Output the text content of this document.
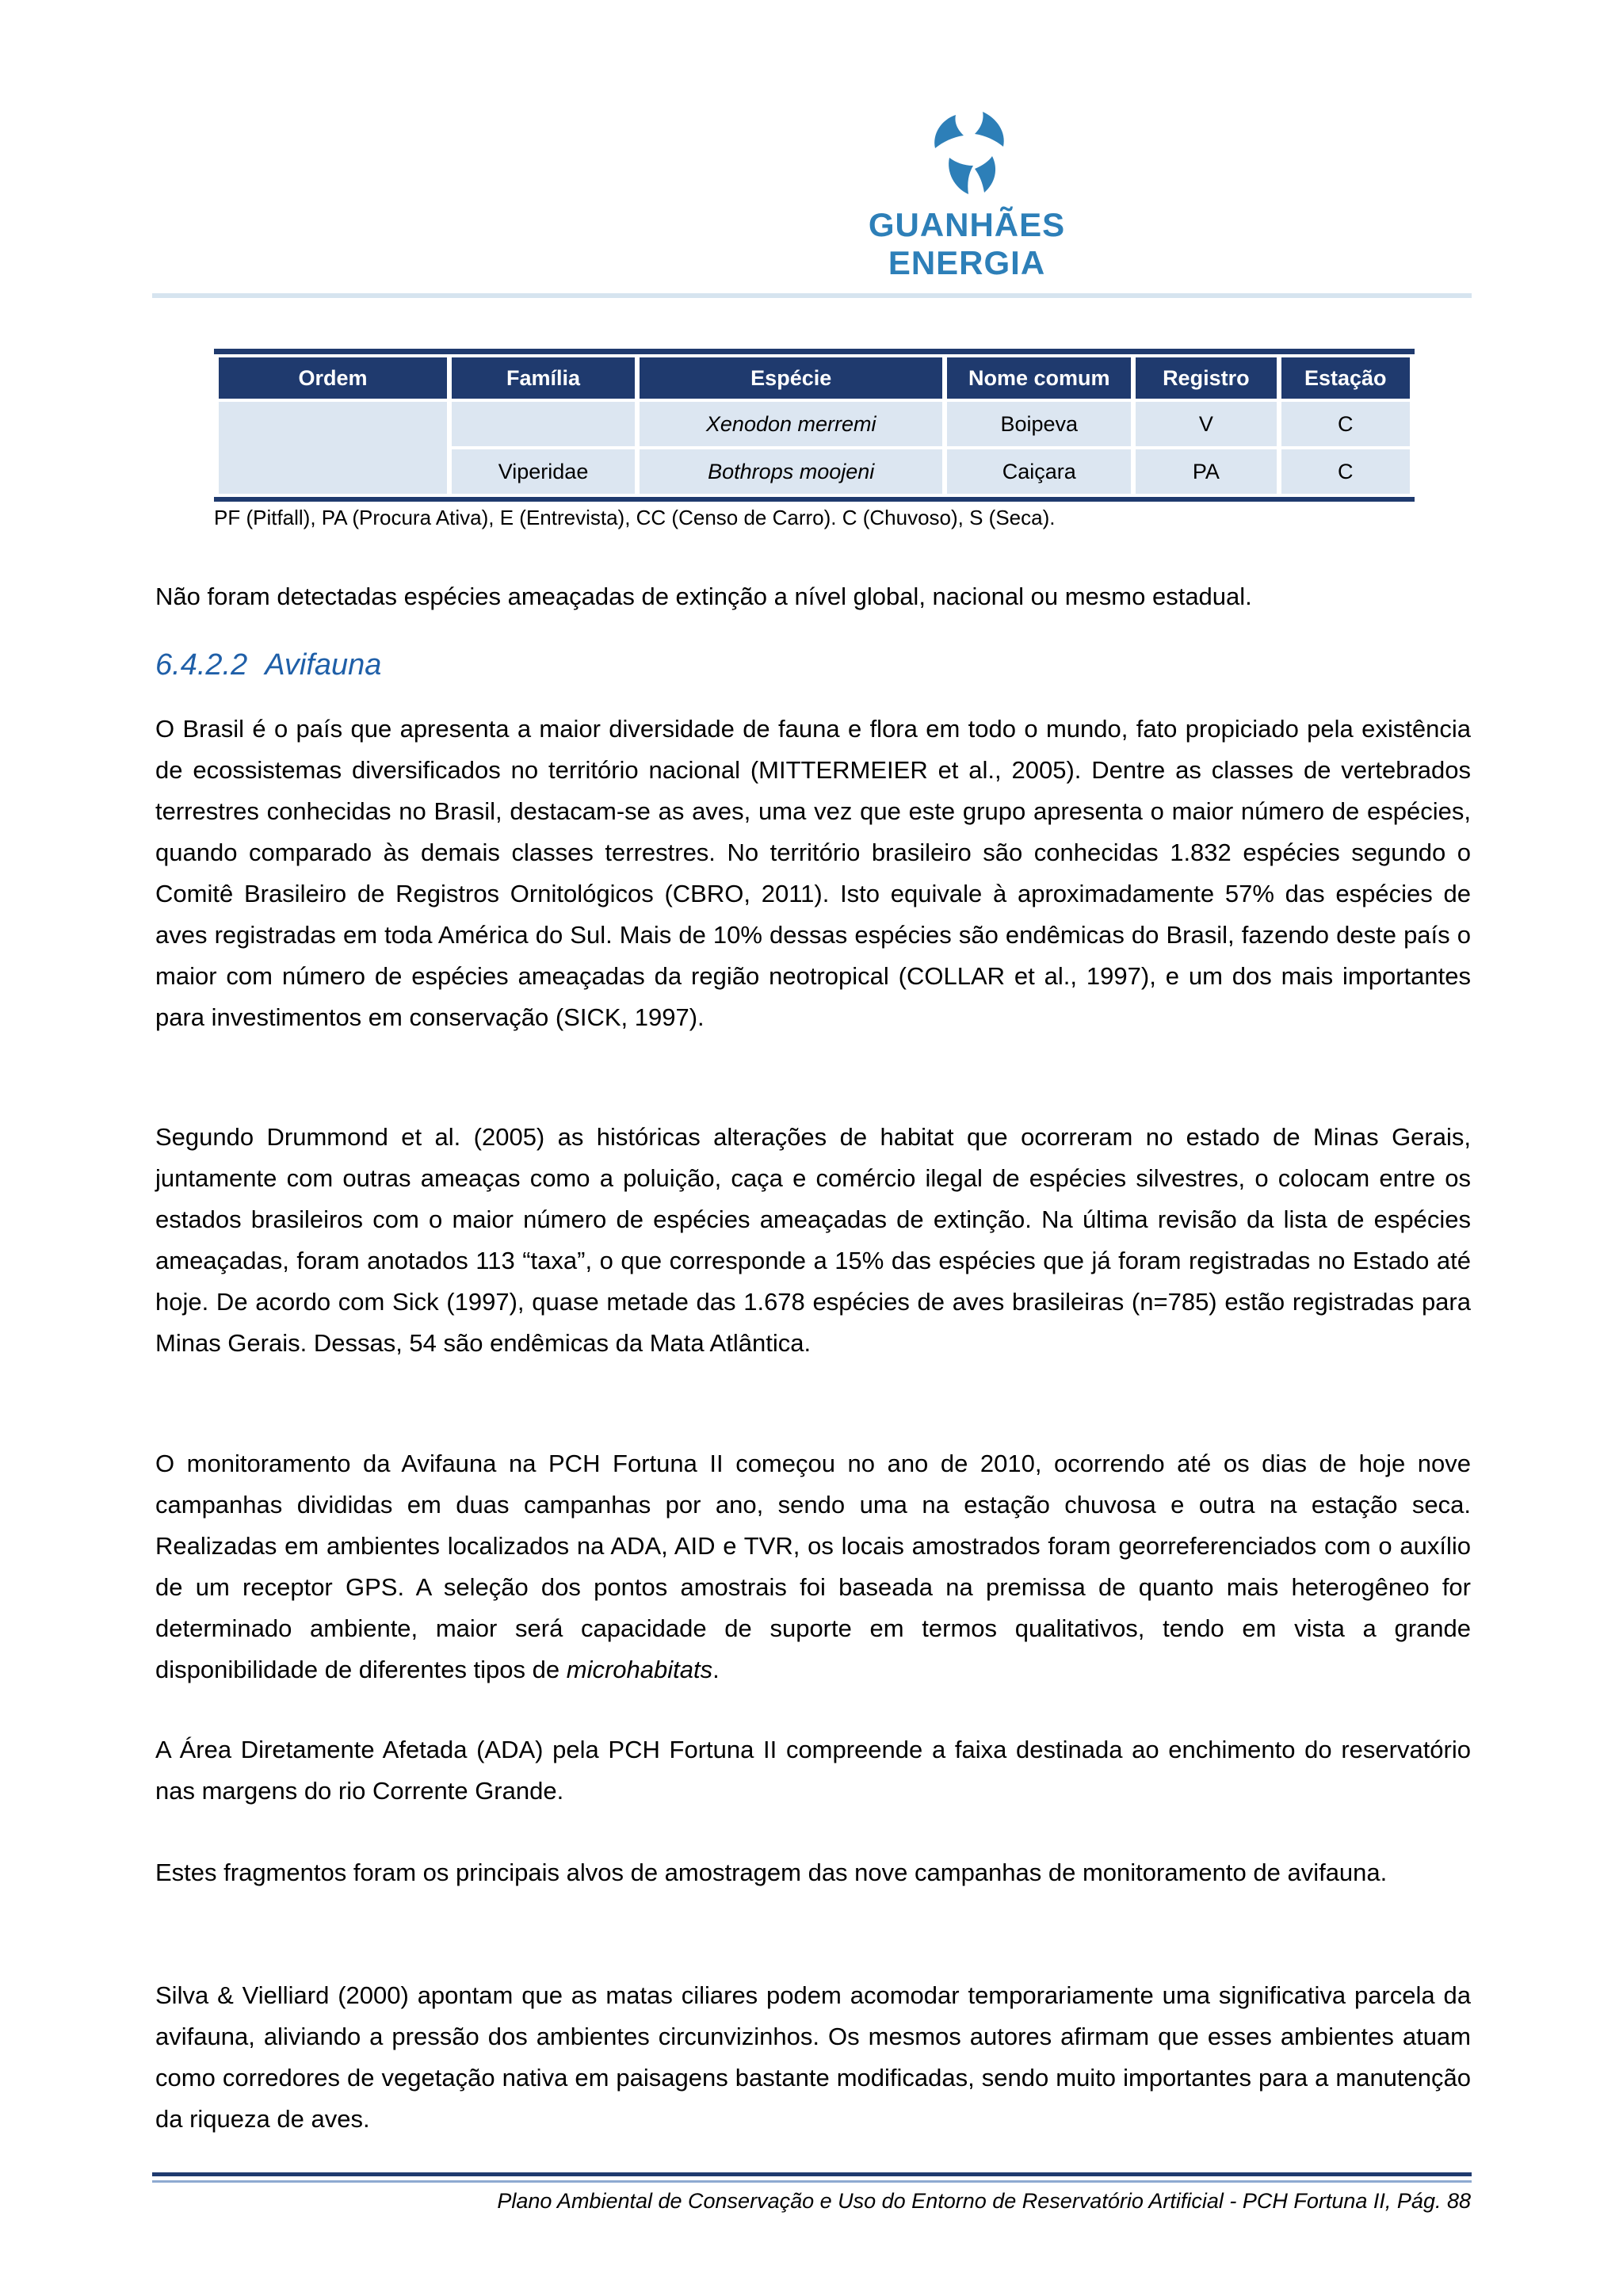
GUANHÃES ENERGIA
Ordem	Família	Espécie	Nome comum	Registro	Estação
		Xenodon merremi	Boipeva	V	C
	Viperidae	Bothrops moojeni	Caiçara	PA	C
PF (Pitfall), PA (Procura Ativa), E (Entrevista), CC (Censo de Carro). C (Chuvoso), S (Seca).
Não foram detectadas espécies ameaçadas de extinção a nível global, nacional ou mesmo estadual.
6.4.2.2 Avifauna
O Brasil é o país que apresenta a maior diversidade de fauna e flora em todo o mundo, fato propiciado pela existência de ecossistemas diversificados no território nacional (MITTERMEIER et al., 2005). Dentre as classes de vertebrados terrestres conhecidas no Brasil, destacam-se as aves, uma vez que este grupo apresenta o maior número de espécies, quando comparado às demais classes terrestres. No território brasileiro são conhecidas 1.832 espécies segundo o Comitê Brasileiro de Registros Ornitológicos (CBRO, 2011). Isto equivale à aproximadamente 57% das espécies de aves registradas em toda América do Sul. Mais de 10% dessas espécies são endêmicas do Brasil, fazendo deste país o maior com número de espécies ameaçadas da região neotropical (COLLAR et al., 1997), e um dos mais importantes para investimentos em conservação (SICK, 1997).
Segundo Drummond et al. (2005) as históricas alterações de habitat que ocorreram no estado de Minas Gerais, juntamente com outras ameaças como a poluição, caça e comércio ilegal de espécies silvestres, o colocam entre os estados brasileiros com o maior número de espécies ameaçadas de extinção. Na última revisão da lista de espécies ameaçadas, foram anotados 113 “taxa”, o que corresponde a 15% das espécies que já foram registradas no Estado até hoje. De acordo com Sick (1997), quase metade das 1.678 espécies de aves brasileiras (n=785) estão registradas para Minas Gerais. Dessas, 54 são endêmicas da Mata Atlântica.
O monitoramento da Avifauna na PCH Fortuna II começou no ano de 2010, ocorrendo até os dias de hoje nove campanhas divididas em duas campanhas por ano, sendo uma na estação chuvosa e outra na estação seca. Realizadas em ambientes localizados na ADA, AID e TVR, os locais amostrados foram georreferenciados com o auxílio de um receptor GPS. A seleção dos pontos amostrais foi baseada na premissa de quanto mais heterogêneo for determinado ambiente, maior será capacidade de suporte em termos qualitativos, tendo em vista a grande disponibilidade de diferentes tipos de microhabitats.
A Área Diretamente Afetada (ADA) pela PCH Fortuna II compreende a faixa destinada ao enchimento do reservatório nas margens do rio Corrente Grande.
Estes fragmentos foram os principais alvos de amostragem das nove campanhas de monitoramento de avifauna.
Silva & Vielliard (2000) apontam que as matas ciliares podem acomodar temporariamente uma significativa parcela da avifauna, aliviando a pressão dos ambientes circunvizinhos. Os mesmos autores afirmam que esses ambientes atuam como corredores de vegetação nativa em paisagens bastante modificadas, sendo muito importantes para a manutenção da riqueza de aves.
Plano Ambiental de Conservação e Uso do Entorno de Reservatório Artificial - PCH Fortuna II, Pág. 88
